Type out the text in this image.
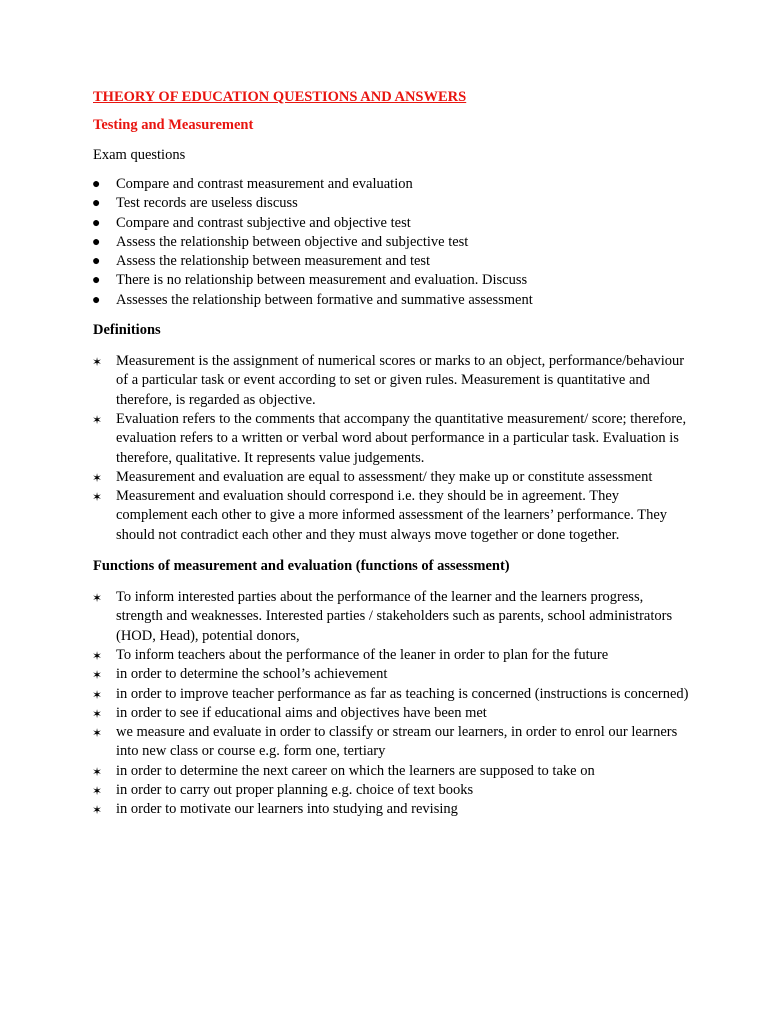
THEORY OF EDUCATION QUESTIONS AND ANSWERS
Testing and Measurement
Exam questions
● Compare and contrast measurement and evaluation
● Test records are useless discuss
● Compare and contrast subjective and objective test
● Assess the relationship between objective and subjective test
● Assess the relationship between measurement and test
● There is no relationship between measurement and evaluation. Discuss
● Assesses the relationship between formative and summative assessment
Definitions
✶ Measurement is the assignment of numerical scores or marks to an object, performance/behaviour of a particular task or event according to set or given rules. Measurement is quantitative and therefore, is regarded as objective.
✶ Evaluation refers to the comments that accompany the quantitative measurement/ score; therefore, evaluation refers to a written or verbal word about performance in a particular task. Evaluation is therefore, qualitative. It represents value judgements.
✶ Measurement and evaluation are equal to assessment/ they make up or constitute assessment
✶ Measurement and evaluation should correspond i.e. they should be in agreement. They complement each other to give a more informed assessment of the learners’ performance. They should not contradict each other and they must always move together or done together.
Functions of measurement and evaluation (functions of assessment)
✶ To inform interested parties about the performance of the learner and the learners progress, strength and weaknesses. Interested parties / stakeholders such as parents, school administrators (HOD, Head), potential donors,
✶ To inform teachers about the performance of the leaner in order to plan for the future
✶ in order to determine the school’s achievement
✶ in order to improve teacher performance as far as teaching is concerned (instructions is concerned)
✶ in order to see if educational aims and objectives have been met
✶ we measure and evaluate in order to classify or stream our learners, in order to enrol our learners into new class or course e.g. form one, tertiary
✶ in order to determine the next career on which the learners are supposed to take on
✶ in order to carry out proper planning e.g. choice of text books
✶ in order to motivate our learners into studying and revising
